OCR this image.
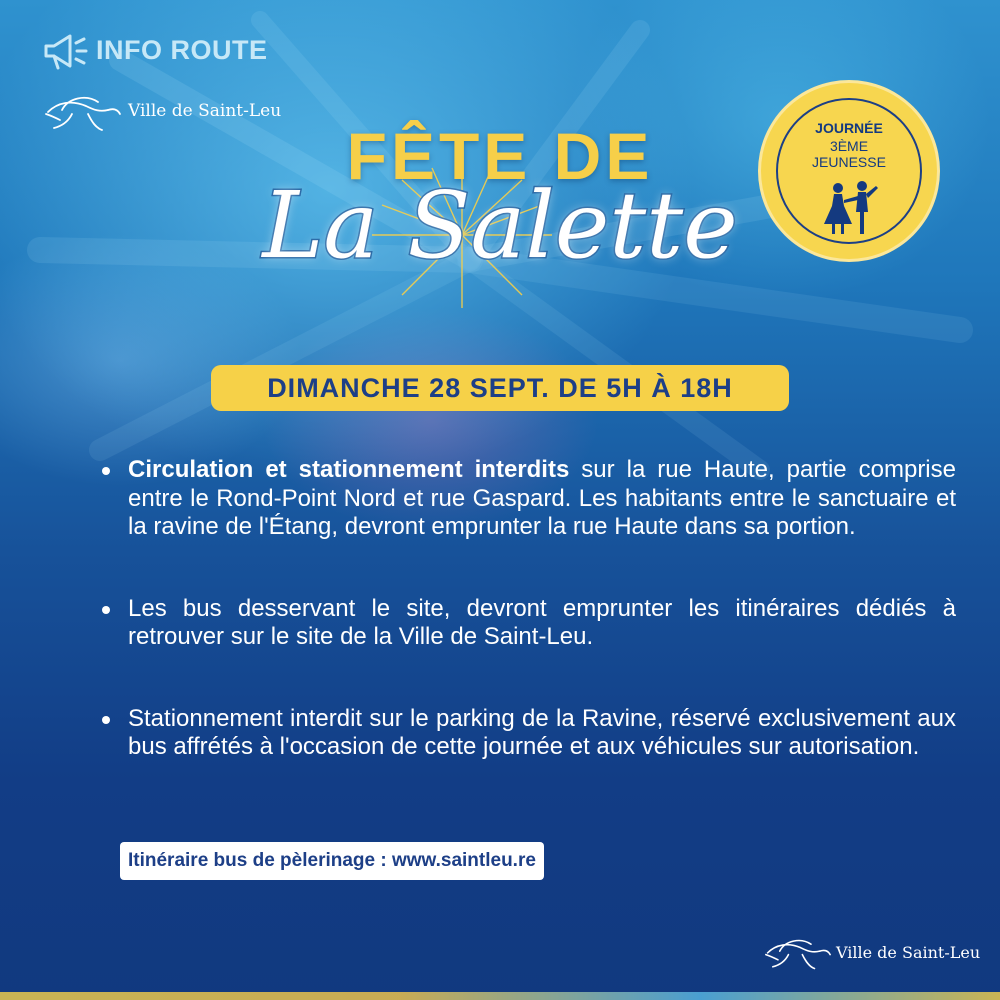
INFO ROUTE
Ville de Saint-Leu
FÊTE DE
La Salette
JOURNÉE
3ÈME
JEUNESSE
DIMANCHE 28 SEPT. DE 5H À 18H
Circulation et stationnement interdits sur la rue Haute, partie comprise entre le Rond-Point Nord et rue Gaspard. Les habitants entre le sanctuaire et la ravine de l'Étang, devront emprunter la rue Haute dans sa portion.
Les bus desservant le site, devront emprunter les itinéraires dédiés à retrouver sur le site de la Ville de Saint-Leu.
Stationnement interdit sur le parking de la Ravine, réservé exclusivement aux bus affrétés à l'occasion de cette journée et aux véhicules sur autorisation.
Itinéraire bus de pèlerinage : www.saintleu.re
Ville de Saint-Leu
